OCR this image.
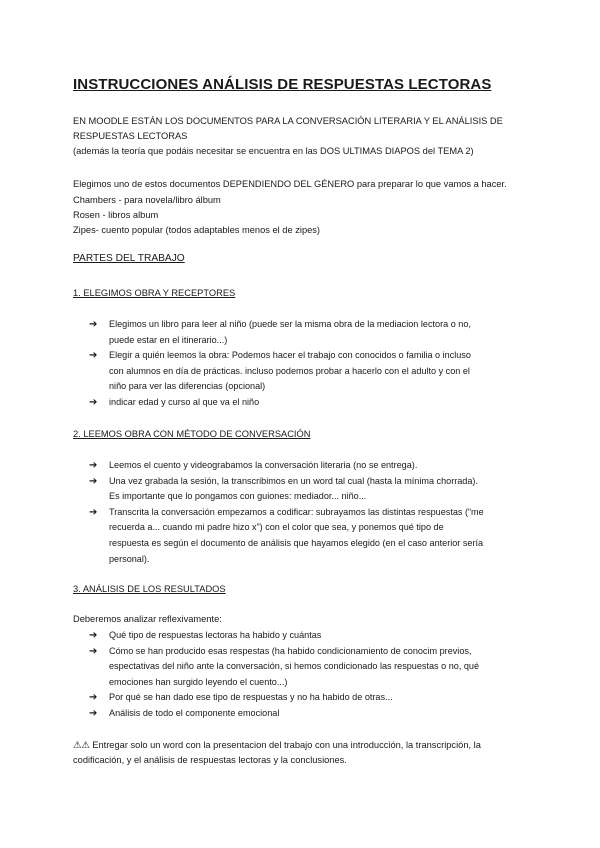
INSTRUCCIONES ANÁLISIS DE RESPUESTAS LECTORAS
EN MOODLE ESTÁN LOS DOCUMENTOS PARA LA CONVERSACIÓN LITERARIA Y EL ANÁLISIS DE
RESPUESTAS LECTORAS
(además la teoría que podáis necesitar se encuentra en las DOS ULTIMAS DIAPOS del TEMA 2)
Elegimos uno de estos documentos DEPENDIENDO DEL GÉNERO para preparar lo que vamos a hacer.
Chambers - para novela/libro álbum
Rosen - libros album
Zipes- cuento popular (todos adaptables menos el de zipes)
PARTES DEL TRABAJO
1. ELEGIMOS OBRA Y RECEPTORES
➔ Elegimos un libro para leer al niño (puede ser la misma obra de la mediacion lectora o no,
puede estar en el itinerario...)
➔ Elegir a quién leemos la obra: Podemos hacer el trabajo con conocidos o familia o incluso
con alumnos en día de prácticas. incluso podemos probar a hacerlo con el adulto y con el
niño para ver las diferencias (opcional)
➔ indicar edad y curso al que va el niño
2. LEEMOS OBRA CON MÉTODO DE CONVERSACIÓN
➔ Leemos el cuento y videograbamos la conversación literaria (no se entrega).
➔ Una vez grabada la sesión, la transcribimos en un word tal cual (hasta la mínima chorrada).
Es importante que lo pongamos con guiones: mediador... niño...
➔ Transcrita la conversación empezamos a codificar: subrayamos las distintas respuestas (“me
recuerda a... cuando mi padre hizo x”) con el color que sea, y ponemos qué tipo de
respuesta es según el documento de análisis que hayamos elegido (en el caso anterior sería
personal).
3. ANÁLISIS DE LOS RESULTADOS
Deberemos analizar reflexivamente:
➔ Qué tipo de respuestas lectoras ha habido y cuántas
➔ Cómo se han producido esas respestas (ha habido condicionamiento de conocim previos,
espectativas del niño ante la conversación, si hemos condicionado las respuestas o no, qué
emociones han surgido leyendo el cuento...)
➔ Por qué se han dado ese tipo de respuestas y no ha habido de otras...
➔ Análisis de todo el componente emocional
⚠⚠ Entregar solo un word con la presentacion del trabajo con una introducción, la transcripción, la
codificación, y el análisis de respuestas lectoras y la conclusiones.
